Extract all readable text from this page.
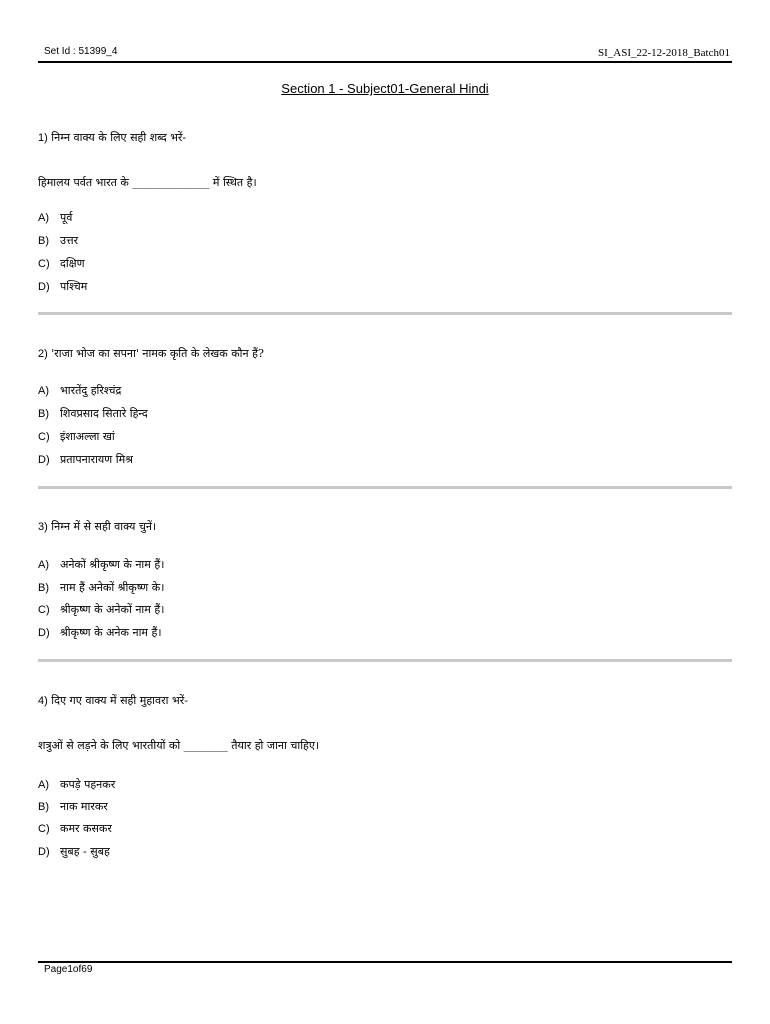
Set Id : 51399_4	SI_ASI_22-12-2018_Batch01
Section 1 - Subject01-General Hindi
1) निम्न वाक्य के लिए सही शब्द भरें-
हिमालय पर्वत भारत के ______________ में स्थित है।
A) पूर्व
B) उत्तर
C) दक्षिण
D) पश्चिम
2) 'राजा भोज का सपना' नामक कृति के लेखक कौन हैं?
A) भारतेंदु हरिश्चंद्र
B) शिवप्रसाद सितारे हिन्द
C) इंशाअल्ला खां
D) प्रतापनारायण मिश्र
3) निम्न में से सही वाक्य चुनें।
A) अनेकों श्रीकृष्ण के नाम हैं।
B) नाम हैं अनेकों श्रीकृष्ण के।
C) श्रीकृष्ण के अनेकों नाम हैं।
D) श्रीकृष्ण के अनेक नाम हैं।
4) दिए गए वाक्य में सही मुहावरा भरें-
शत्रुओं से लड़ने के लिए भारतीयों को ________ तैयार हो जाना चाहिए।
A) कपड़े पहनकर
B) नाक मारकर
C) कमर कसकर
D) सुबह - सुबह
Page1of69
